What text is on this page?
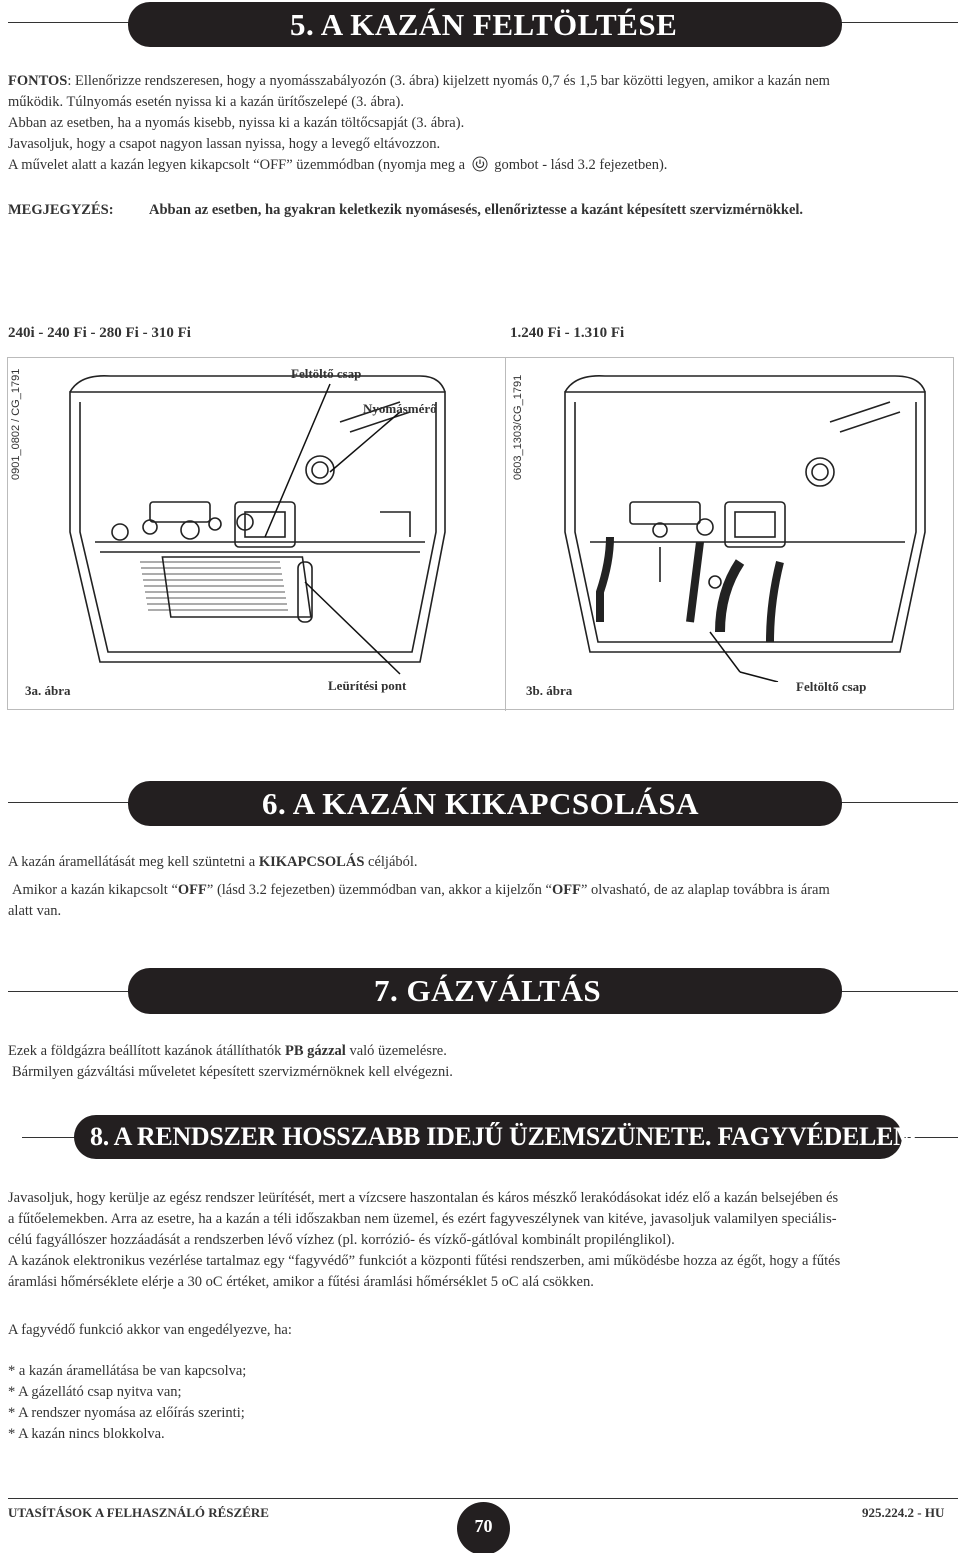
5. A KAZÁN FELTÖLTÉSE
FONTOS: Ellenőrizze rendszeresen, hogy a nyomásszabályozón (3. ábra) kijelzett nyomás 0,7 és 1,5 bar közötti legyen, amikor a kazán nem
működik. Túlnyomás esetén nyissa ki a kazán ürítőszelepé (3. ábra).
Abban az esetben, ha a nyomás kisebb, nyissa ki a kazán töltőcsapját (3. ábra).
Javasoljuk, hogy a csapot nagyon lassan nyissa, hogy a levegő eltávozzon.
A művelet alatt a kazán legyen kikapcsolt “OFF” üzemmódban (nyomja meg a gombot - lásd 3.2 fejezetben).
MEGJEGYZÉS: Abban az esetben, ha gyakran keletkezik nyomásesés, ellenőriztesse a kazánt képesített szervizmérnökkel.
240i - 240 Fi - 280 Fi - 310 Fi	1.240 Fi - 1.310 Fi
0901_0802 / CG_1791	0603_1303/CG_1791
Feltöltő csap
Nyomásmérő
Leürítési pont
3a. ábra	3b. ábra	Feltöltő csap
6. A KAZÁN KIKAPCSOLÁSA
A kazán áramellátását meg kell szüntetni a KIKAPCSOLÁS céljából.
Amikor a kazán kikapcsolt “OFF” (lásd 3.2 fejezetben) üzemmódban van, akkor a kijelzőn “OFF” olvasható, de az alaplap továbbra is áram
alatt van.
7. GÁZVÁLTÁS
Ezek a földgázra beállított kazánok átállíthatók PB gázzal való üzemelésre.
Bármilyen gázváltási műveletet képesített szervizmérnöknek kell elvégezni.
8. A RENDSZER HOSSZABB IDEJŰ ÜZEMSZÜNETE. FAGYVÉDELEM
Javasoljuk, hogy kerülje az egész rendszer leürítését, mert a vízcsere haszontalan és káros mészkő lerakódásokat idéz elő a kazán belsejében és
a fűtőelemekben. Arra az esetre, ha a kazán a téli időszakban nem üzemel, és ezért fagyveszélynek van kitéve, javasoljuk valamilyen speciális-
célú fagyállószer hozzáadását a rendszerben lévő vízhez (pl. korrózió- és vízkő-gátlóval kombinált propilénglikol).
A kazánok elektronikus vezérlése tartalmaz egy “fagyvédő” funkciót a központi fűtési rendszerben, ami működésbe hozza az égőt, hogy a fűtés
áramlási hőmérséklete elérje a 30 oC értéket, amikor a fűtési áramlási hőmérséklet 5 oC alá csökken.
A fagyvédő funkció akkor van engedélyezve, ha:
* a kazán áramellátása be van kapcsolva;
* A gázellátó csap nyitva van;
* A rendszer nyomása az előírás szerinti;
* A kazán nincs blokkolva.
UTASÍTÁSOK A FELHASZNÁLÓ RÉSZÉRE	925.224.2 - HU
70
